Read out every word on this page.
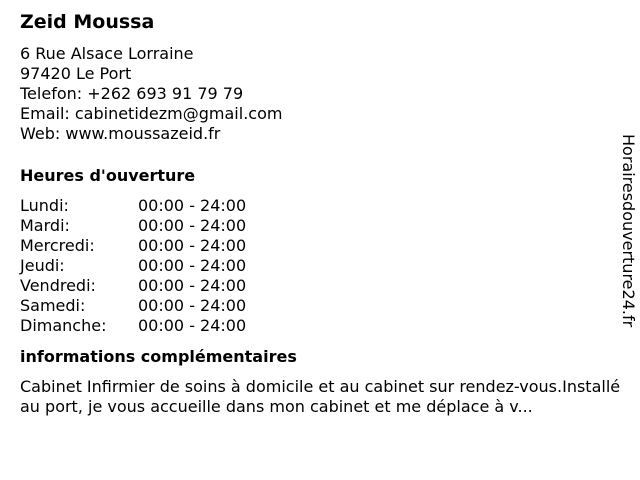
Zeid Moussa
6 Rue Alsace Lorraine
97420 Le Port
Telefon: +262 693 91 79 79
Email: cabinetidezm@gmail.com
Web: www.moussazeid.fr
Heures d'ouverture
Lundi:	00:00 - 24:00
Mardi:	00:00 - 24:00
Mercredi:	00:00 - 24:00
Jeudi:	00:00 - 24:00
Vendredi:	00:00 - 24:00
Samedi:	00:00 - 24:00
Dimanche:	00:00 - 24:00
informations complémentaires

Cabinet Infirmier de soins à domicile et au cabinet sur rendez-vous.Installé au port, je vous accueille dans mon cabinet et me déplace à v...

Horairesdouverture24.fr
